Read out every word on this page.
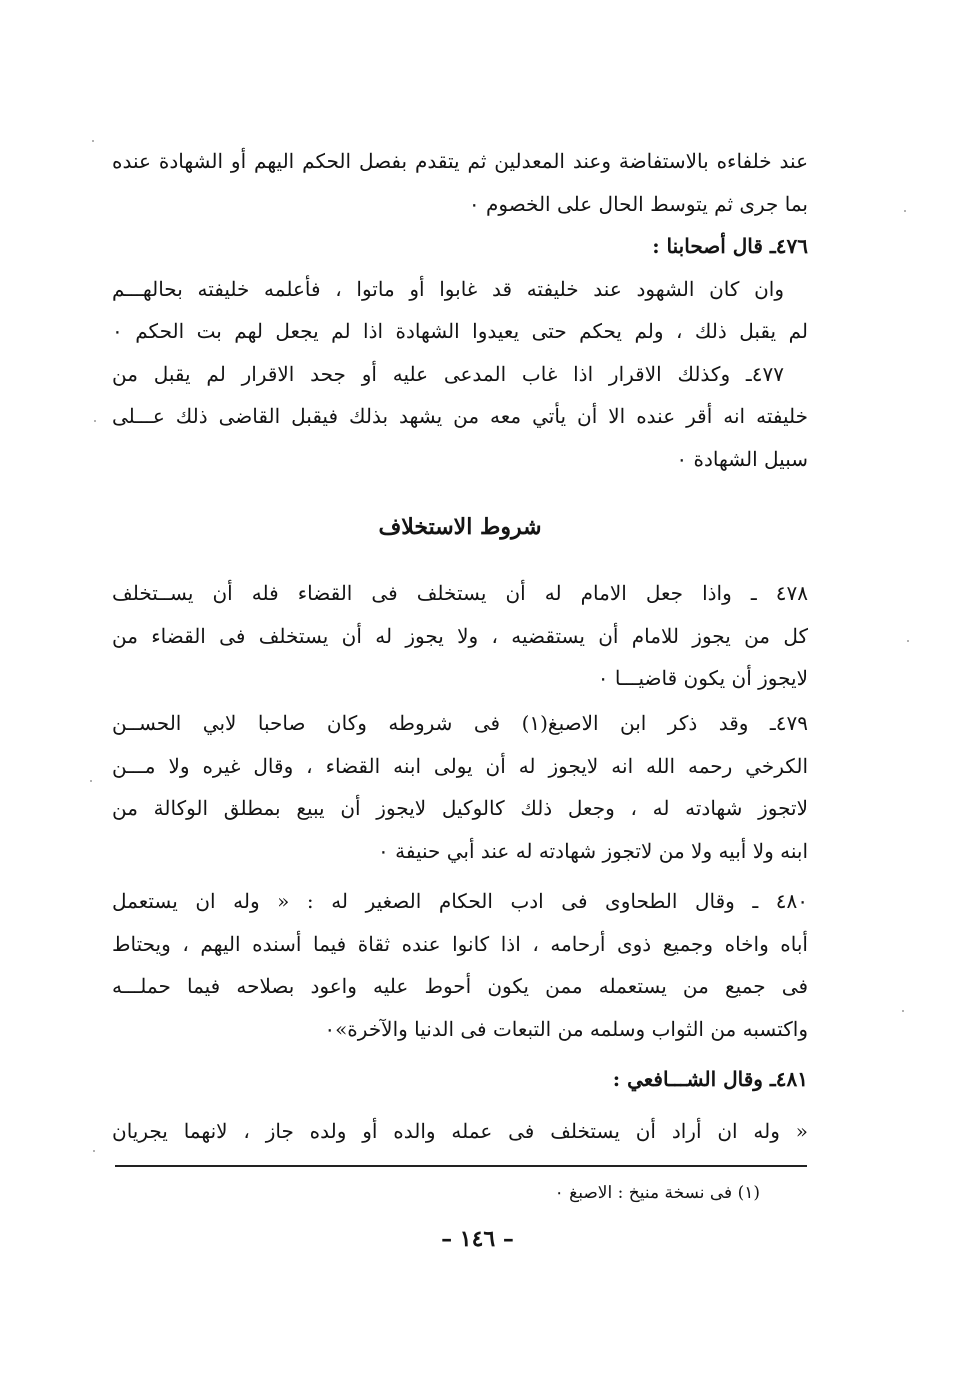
عند خلفاءه بالاستفاضة وعند المعدلين ثم يتقدم بفصل الحكم اليهم أو الشهادة عنده
بما جرى ثم يتوسط الحال على الخصوم ٠
٤٧٦ـ قال أصحابنا :
وان كان الشهود عند خليفته قد غابوا أو ماتوا ، فأعلمه خليفته بحالهـــم
لم يقبل ذلك ، ولم يحكم حتى يعيدوا الشهادة اذا لم يجعل لهم بت الحكم ٠
٤٧٧ـ وكذلك الاقرار اذا غاب المدعى عليه أو جحد الاقرار لم يقبل من
خليفته انه أقر عنده الا أن يأتي معه من يشهد بذلك فيقبل القاضى ذلك عـــلى
سبيل الشهادة ٠
شروط الاستخلاف
٤٧٨ ـ واذا جعل الامام له أن يستخلف فى القضاء فله أن يســتخلف
كل من يجوز للامام أن يستقضيه ، ولا يجوز له أن يستخلف فى القضاء من
لايجوز أن يكون قاضيـــا ٠
٤٧٩ـ وقد ذكر ابن الاصبغ(١) فى شروطه وكان صاحبا لابي الحســن
الكرخي رحمه الله انه لايجوز له أن يولى ابنه القضاء ، وقال غيره ولا مـــن
لاتجوز شهادته له ، وجعل ذلك كالوكيل لايجوز أن يبيع بمطلق الوكالة من
ابنه ولا أبيه ولا من لاتجوز شهادته له عند أبي حنيفة ٠
٤٨٠ ـ وقال الطحاوى فى ادب الحكام الصغير له : « وله ان يستعمل
أباه واخاه وجميع ذوى أرحامه ، اذا كانوا عنده ثقاة فيما أسنده اليهم ، ويحتاط
فى جميع من يستعمله ممن يكون أحوط عليه واعود بصلاحه فيما حملـــه
واكتسبه من الثواب وسلمه من التبعات فى الدنيا والآخرة»٠
٤٨١ـ وقال الشـــافعي :
« وله ان أراد أن يستخلف فى عمله والده أو ولده جاز ، لانهما يجريان
(١) فى نسخة منيخ : الاصبغ ٠
– ١٤٦ –
